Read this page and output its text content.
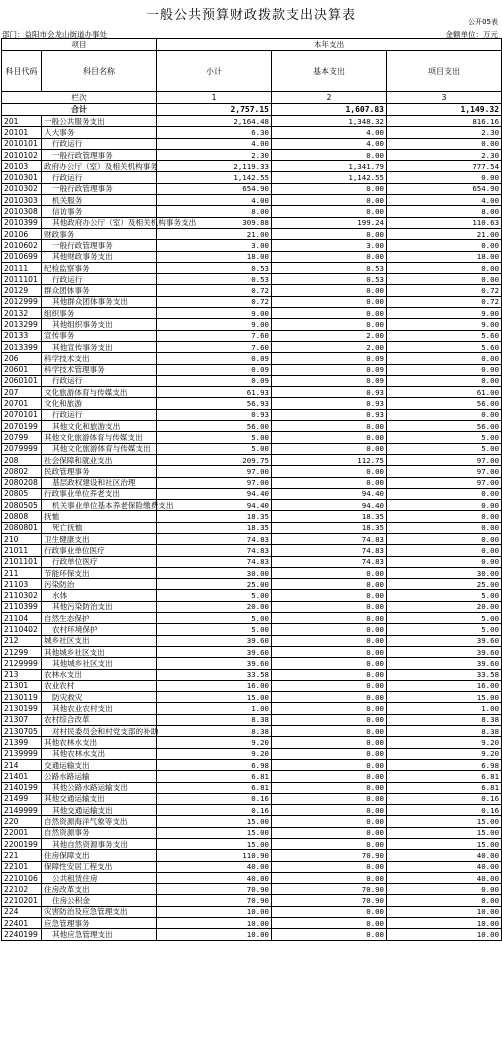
一般公共预算财政拨款支出决算表	公开05表
部门：益阳市会龙山街道办事处	金额单位：万元
项目		本年支出		
科目代码	科目名称	小计	基本支出	项目支出
栏次		1	2	3
合计		2,757.15	1,607.83	1,149.32
201	一般公共服务支出	2,164.48	1,348.32	816.16
20101	人大事务	6.30	4.00	2.30
2010101	行政运行	4.00	4.00	0.00
2010102	一般行政管理事务	2.30	0.00	2.30
20103	政府办公厅（室）及相关机构事务	2,119.33	1,341.79	777.54
2010301	行政运行	1,142.55	1,142.55	0.00
2010302	一般行政管理事务	654.90	0.00	654.90
2010303	机关服务	4.00	0.00	4.00
2010308	信访事务	8.00	0.00	8.00
2010399	其他政府办公厅（室）及相关机构事务支出	309.88	199.24	110.63
20106	财政事务	21.00	0.00	21.00
2010602	一般行政管理事务	3.00	3.00	0.00
2010699	其他财政事务支出	18.00	0.00	18.00
20111	纪检监察事务	0.53	0.53	0.00
2011101	行政运行	0.53	0.53	0.00
20129	群众团体事务	0.72	0.00	0.72
2012999	其他群众团体事务支出	0.72	0.00	0.72
20132	组织事务	9.00	0.00	9.00
2013299	其他组织事务支出	9.00	0.00	9.00
20133	宣传事务	7.60	2.00	5.60
2013399	其他宣传事务支出	7.60	2.00	5.60
206	科学技术支出	0.09	0.09	0.00
20601	科学技术管理事务	0.09	0.09	0.00
2060101	行政运行	0.09	0.09	0.00
207	文化旅游体育与传媒支出	61.93	0.93	61.00
20701	文化和旅游	56.93	0.93	56.00
2070101	行政运行	0.93	0.93	0.00
2070199	其他文化和旅游支出	56.00	0.00	56.00
20799	其他文化旅游体育与传媒支出	5.00	0.00	5.00
2079999	其他文化旅游体育与传媒支出	5.00	0.00	5.00
208	社会保障和就业支出	209.75	112.75	97.00
20802	民政管理事务	97.00	0.00	97.00
2080208	基层政权建设和社区治理	97.00	0.00	97.00
20805	行政事业单位养老支出	94.40	94.40	0.00
2080505	机关事业单位基本养老保险缴费支出	94.40	94.40	0.00
20808	抚恤	18.35	18.35	0.00
2080801	死亡抚恤	18.35	18.35	0.00
210	卫生健康支出	74.83	74.83	0.00
21011	行政事业单位医疗	74.83	74.83	0.00
2101101	行政单位医疗	74.83	74.83	0.00
211	节能环保支出	30.00	0.00	30.00
21103	污染防治	25.00	0.00	25.00
2110302	水体	5.00	0.00	5.00
2110399	其他污染防治支出	20.00	0.00	20.00
21104	自然生态保护	5.00	0.00	5.00
2110402	农村环境保护	5.00	0.00	5.00
212	城乡社区支出	39.60	0.00	39.60
21299	其他城乡社区支出	39.60	0.00	39.60
2129999	其他城乡社区支出	39.60	0.00	39.60
213	农林水支出	33.58	0.00	33.58
21301	农业农村	16.00	0.00	16.00
2130119	防灾救灾	15.00	0.00	15.00
2130199	其他农业农村支出	1.00	0.00	1.00
21307	农村综合改革	8.38	0.00	8.38
2130705	对村民委员会和村党支部的补助	8.38	0.00	8.38
21399	其他农林水支出	9.20	0.00	9.20
2139999	其他农林水支出	9.20	0.00	9.20
214	交通运输支出	6.98	0.00	6.98
21401	公路水路运输	6.81	0.00	6.81
2140199	其他公路水路运输支出	6.81	0.00	6.81
21499	其他交通运输支出	0.16	0.00	0.16
2149999	其他交通运输支出	0.16	0.00	0.16
220	自然资源海洋气象等支出	15.00	0.00	15.00
22001	自然资源事务	15.00	0.00	15.00
2200199	其他自然资源事务支出	15.00	0.00	15.00
221	住房保障支出	110.90	70.90	40.00
22101	保障性安居工程支出	40.00	0.00	40.00
2210106	公共租赁住房	40.00	0.00	40.00
22102	住房改革支出	70.90	70.90	0.00
2210201	住房公积金	70.90	70.90	0.00
224	灾害防治及应急管理支出	10.00	0.00	10.00
22401	应急管理事务	10.00	0.00	10.00
2240199	其他应急管理支出	10.00	0.00	10.00
